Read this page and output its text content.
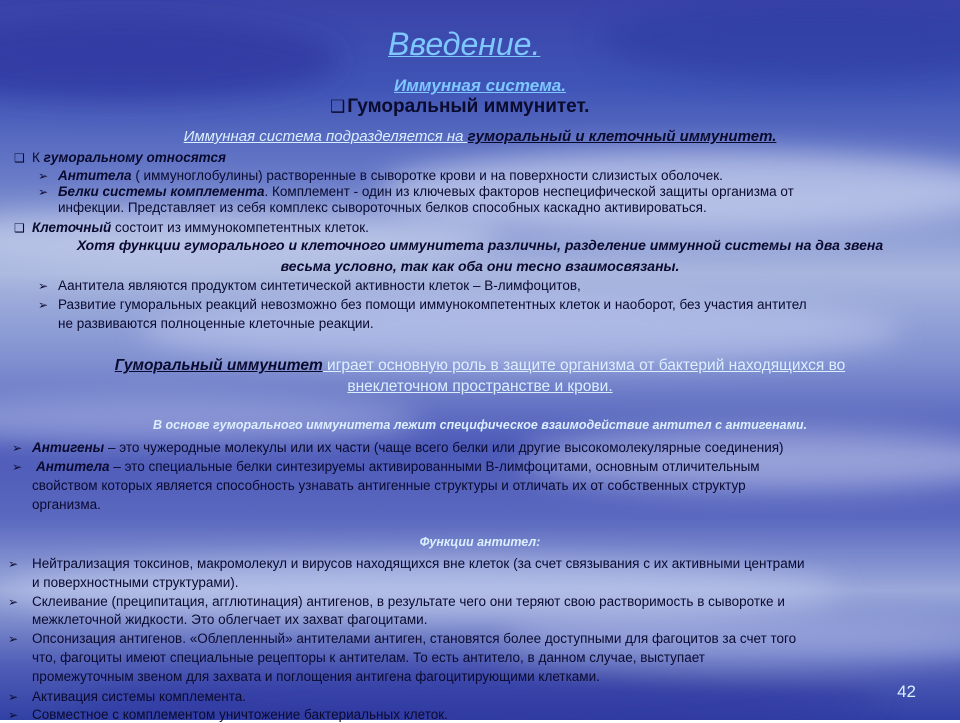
Введение.
Иммунная система.
❑ Гуморальный иммунитет.
Иммунная система подразделяется на гуморальный и клеточный иммунитет.
❑ К гуморальному относятся
➢ Антитела ( иммуноглобулины) растворенные в сыворотке крови и на поверхности слизистых оболочек.
➢ Белки системы комплемента. Комплемент - один из ключевых факторов неспецифической защиты организма от
инфекции. Представляет из себя комплекс сывороточных белков способных каскадно активироваться.
❑ Клеточный состоит из иммунокомпетентных клеток.
Хотя функции гуморального и клеточного иммунитета различны, разделение иммунной системы на два звена
весьма условно, так как оба они тесно взаимосвязаны.
➢ Аантитела являются продуктом синтетической активности клеток – В-лимфоцитов,
➢ Развитие гуморальных реакций невозможно без помощи иммунокомпетентных клеток и наоборот, без участия антител
не развиваются полноценные клеточные реакции.
Гуморальный иммунитет играет основную роль в защите организма от бактерий находящихся во
внеклеточном пространстве и крови.
В основе гуморального иммунитета лежит специфическое взаимодействие антител с антигенами.
➢ Антигены – это чужеродные молекулы или их части (чаще всего белки или другие высокомолекулярные соединения)
➢ Антитела – это специальные белки синтезируемы активированными В-лимфоцитами, основным отличительным
свойством которых является способность узнавать антигенные структуры и отличать их от собственных структур
организма.
Функции антител:
➢ Нейтрализация токсинов, макромолекул и вирусов находящихся вне клеток (за счет связывания с их активными центрами
и поверхностными структурами).
➢ Склеивание (преципитация, агглютинация) антигенов, в результате чего они теряют свою растворимость в сыворотке и
межклеточной жидкости. Это облегчает их захват фагоцитами.
➢ Опсонизация антигенов. «Облепленный» антителами антиген, становятся более доступными для фагоцитов за счет того
что, фагоциты имеют специальные рецепторы к антителам. То есть антитело, в данном случае, выступает
промежуточным звеном для захвата и поглощения антигена фагоцитирующими клетками.
➢ Активация системы комплемента.
➢ Совместное с комплементом уничтожение бактериальных клеток.
42
